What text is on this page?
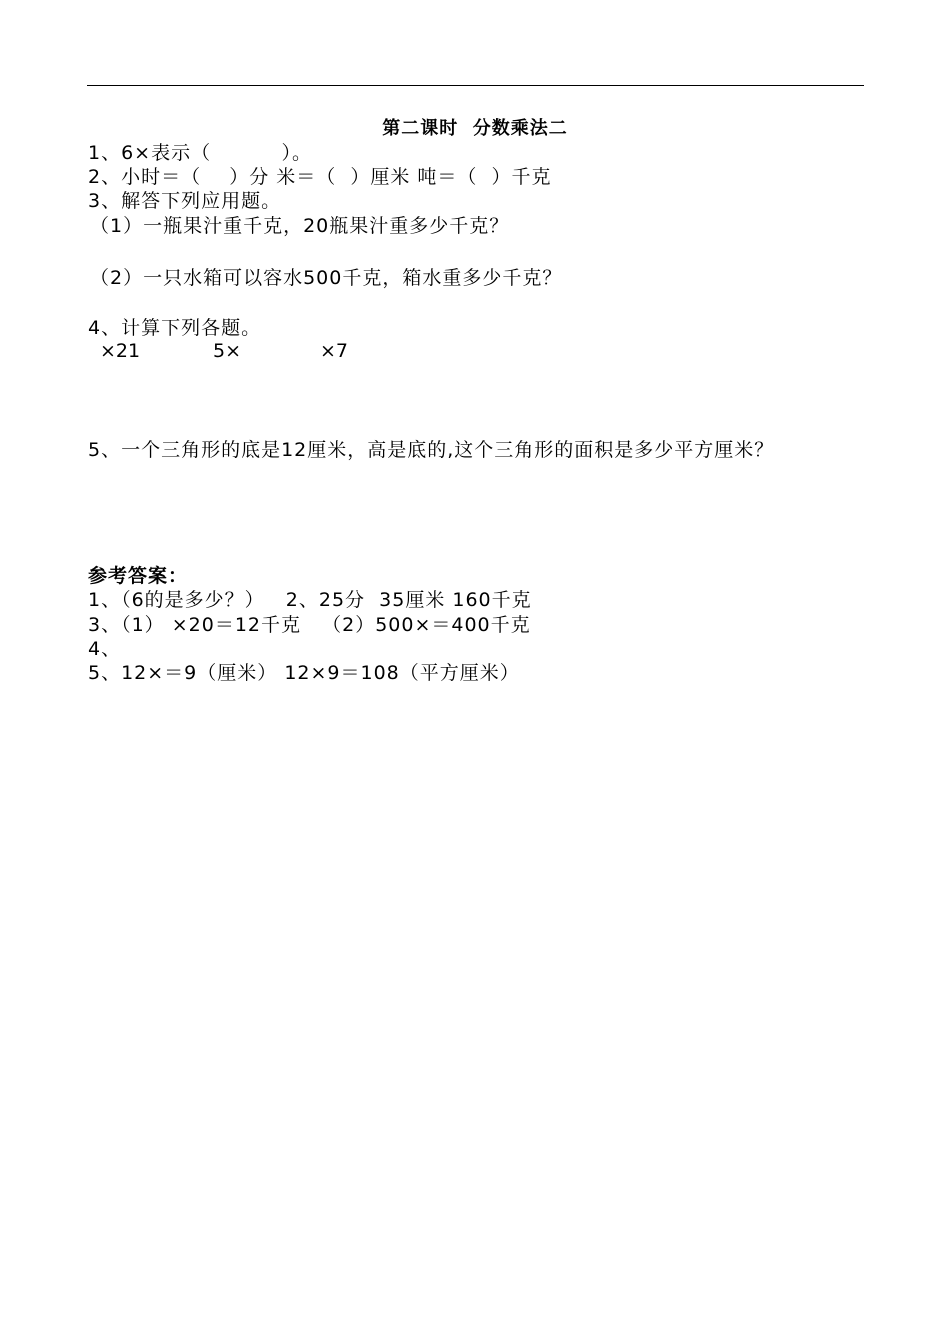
第二课时  分数乘法二
1、6×表示（          ）。
2、小时＝（    ）分 米＝（  ）厘米 吨＝（  ）千克
3、解答下列应用题。
（1）一瓶果汁重千克，20瓶果汁重多少千克？
（2）一只水箱可以容水500千克，箱水重多少千克？
4、计算下列各题。
×21	5×	×7
5、一个三角形的底是12厘米，高是底的,这个三角形的面积是多少平方厘米？
参考答案：
1、（6的是多少？）   2、25分  35厘米 160千克
3、（1） ×20＝12千克   （2）500×＝400千克
4、
5、12×＝9（厘米） 12×9＝108（平方厘米）
